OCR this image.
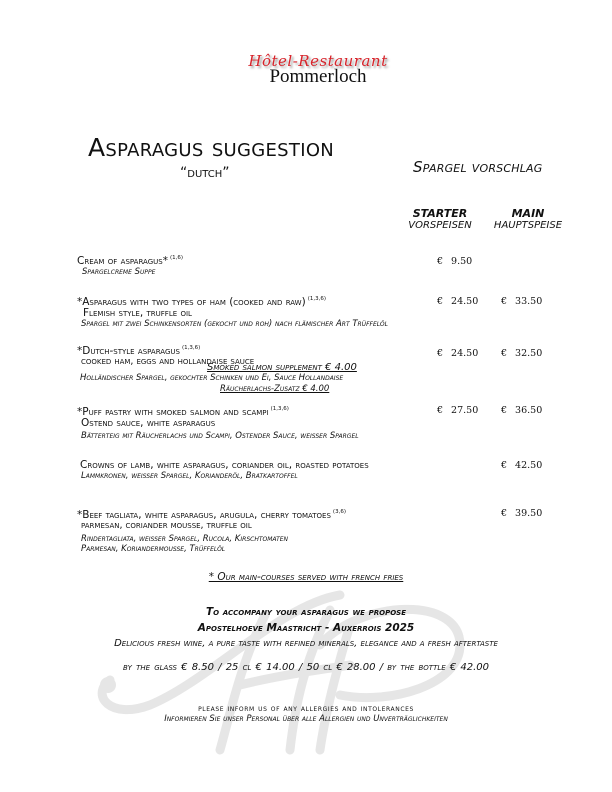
Hôtel-Restaurant
Pommerloch
Asparagus suggestion
“dutch”	Spargel vorschlag
STARTER
VORSPEISEN
MAIN
HAUPTSPEISE
Cream of asparagus* $^{(1,6)}$
Spargelcreme Suppe
€ 9.50
*Asparagus with two types of ham (cooked and raw) $^{(1,3,6)}$
Flemish style, truffle oil
Spargel mit zwei Schinkensorten (gekocht und roh) nach flämischer Art Trüffelöl
€ 24.50 € 33.50
*Dutch-style asparagus $^{(1,3,6)}$
cooked ham, eggs and hollandaise sauce
Smoked salmon supplement € 4.00
Holländischer Spargel, gekochter Schinken und Ei, Sauce Hollandaise
Räucherlachs-Zusatz € 4.00
€ 24.50 € 32.50
*Puff pastry with smoked salmon and scampi $^{(1,3,6)}$
Ostend sauce, white asparagus
Bätterteig mit Räucherlachs und Scampi, Ostender Sauce, weisser Spargel
€ 27.50 € 36.50
Crowns of lamb, white asparagus, coriander oil, roasted potatoes
Lammkronen, weisser Spargel, Korianderöl, Bratkartoffel
€ 42.50
*Beef tagliata, white asparagus, arugula, cherry tomatoes $^{(3,6)}$
parmesan, coriander mousse, truffle oil
Rindertagliata, weisser Spargel, Rucola, Kirschtomaten
Parmesan, Koriandermousse, Trüffelöl
€ 39.50
* Our main-courses served with french fries
To accompany your asparagus we propose
Apostelhoeve Maastricht - Auxerrois 2025
Delicious fresh wine, a pure taste with refined minerals, elegance and a fresh aftertaste
by the glass € 8.50 / 25 cl € 14.00 / 50 cl € 28.00 / by the bottle € 42.00
please inform us of any allergies and intolerances
Informieren Sie unser Personal über alle Allergien und Unverträglichkeiten
